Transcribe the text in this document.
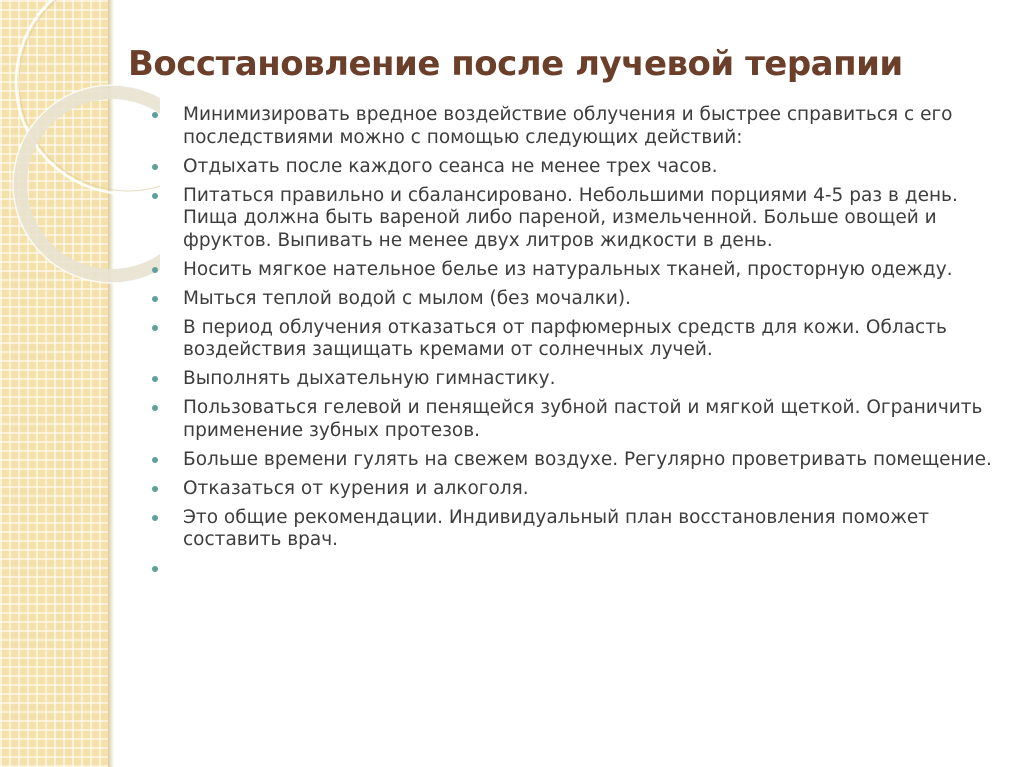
Восстановление после лучевой терапии
Минимизировать вредное воздействие облучения и быстрее справиться с его последствиями можно с помощью следующих действий:
Отдыхать после каждого сеанса не менее трех часов.
Питаться правильно и сбалансировано. Небольшими порциями 4-5 раз в день. Пища должна быть вареной либо пареной, измельченной. Больше овощей и фруктов. Выпивать не менее двух литров жидкости в день.
Носить мягкое нательное белье из натуральных тканей, просторную одежду.
Мыться теплой водой с мылом (без мочалки).
В период облучения отказаться от парфюмерных средств для кожи. Область воздействия защищать кремами от солнечных лучей.
Выполнять дыхательную гимнастику.
Пользоваться гелевой и пенящейся зубной пастой и мягкой щеткой. Ограничить применение зубных протезов.
Больше времени гулять на свежем воздухе. Регулярно проветривать помещение.
Отказаться от курения и алкоголя.
Это общие рекомендации. Индивидуальный план восстановления поможет составить врач.
